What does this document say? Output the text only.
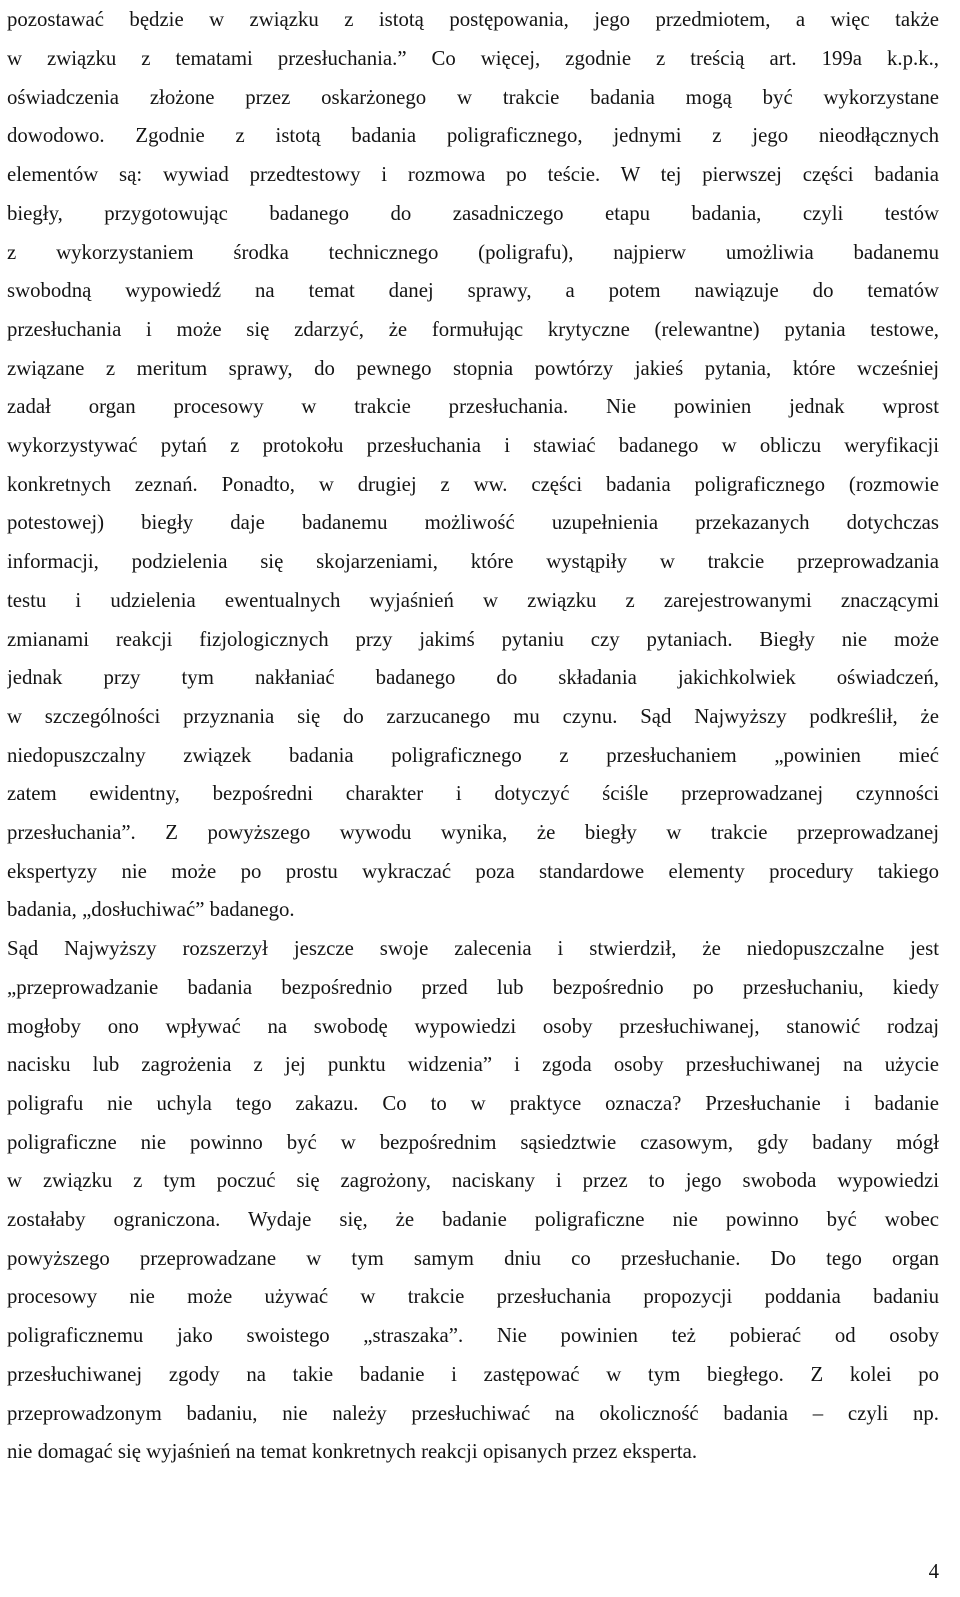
pozostawać będzie w związku z istotą postępowania, jego przedmiotem, a więc także
w związku z tematami przesłuchania.” Co więcej, zgodnie z treścią art. 199a k.p.k.,
oświadczenia złożone przez oskarżonego w trakcie badania mogą być wykorzystane
dowodowo. Zgodnie z istotą badania poligraficznego, jednymi z jego nieodłącznych
elementów są: wywiad przedtestowy i rozmowa po teście. W tej pierwszej części badania
biegły, przygotowując badanego do zasadniczego etapu badania, czyli testów
z wykorzystaniem środka technicznego (poligrafu), najpierw umożliwia badanemu
swobodną wypowiedź na temat danej sprawy, a potem nawiązuje do tematów
przesłuchania i może się zdarzyć, że formułując krytyczne (relewantne) pytania testowe,
związane z meritum sprawy, do pewnego stopnia powtórzy jakieś pytania, które wcześniej
zadał organ procesowy w trakcie przesłuchania. Nie powinien jednak wprost
wykorzystywać pytań z protokołu przesłuchania i stawiać badanego w obliczu weryfikacji
konkretnych zeznań. Ponadto, w drugiej z ww. części badania poligraficznego (rozmowie
potestowej) biegły daje badanemu możliwość uzupełnienia przekazanych dotychczas
informacji, podzielenia się skojarzeniami, które wystąpiły w trakcie przeprowadzania
testu i udzielenia ewentualnych wyjaśnień w związku z zarejestrowanymi znaczącymi
zmianami reakcji fizjologicznych przy jakimś pytaniu czy pytaniach. Biegły nie może
jednak przy tym nakłaniać badanego do składania jakichkolwiek oświadczeń,
w szczególności przyznania się do zarzucanego mu czynu. Sąd Najwyższy podkreślił, że
niedopuszczalny związek badania poligraficznego z przesłuchaniem „powinien mieć
zatem ewidentny, bezpośredni charakter i dotyczyć ściśle przeprowadzanej czynności
przesłuchania”. Z powyższego wywodu wynika, że biegły w trakcie przeprowadzanej
ekspertyzy nie może po prostu wykraczać poza standardowe elementy procedury takiego
badania, „dosłuchiwać” badanego.
Sąd Najwyższy rozszerzył jeszcze swoje zalecenia i stwierdził, że niedopuszczalne jest
„przeprowadzanie badania bezpośrednio przed lub bezpośrednio po przesłuchaniu, kiedy
mogłoby ono wpływać na swobodę wypowiedzi osoby przesłuchiwanej, stanowić rodzaj
nacisku lub zagrożenia z jej punktu widzenia” i zgoda osoby przesłuchiwanej na użycie
poligrafu nie uchyla tego zakazu. Co to w praktyce oznacza? Przesłuchanie i badanie
poligraficzne nie powinno być w bezpośrednim sąsiedztwie czasowym, gdy badany mógł
w związku z tym poczuć się zagrożony, naciskany i przez to jego swoboda wypowiedzi
zostałaby ograniczona. Wydaje się, że badanie poligraficzne nie powinno być wobec
powyższego przeprowadzane w tym samym dniu co przesłuchanie. Do tego organ
procesowy nie może używać w trakcie przesłuchania propozycji poddania badaniu
poligraficznemu jako swoistego „straszaka”. Nie powinien też pobierać od osoby
przesłuchiwanej zgody na takie badanie i zastępować w tym biegłego. Z kolei po
przeprowadzonym badaniu, nie należy przesłuchiwać na okoliczność badania – czyli np.
nie domagać się wyjaśnień na temat konkretnych reakcji opisanych przez eksperta.
4
